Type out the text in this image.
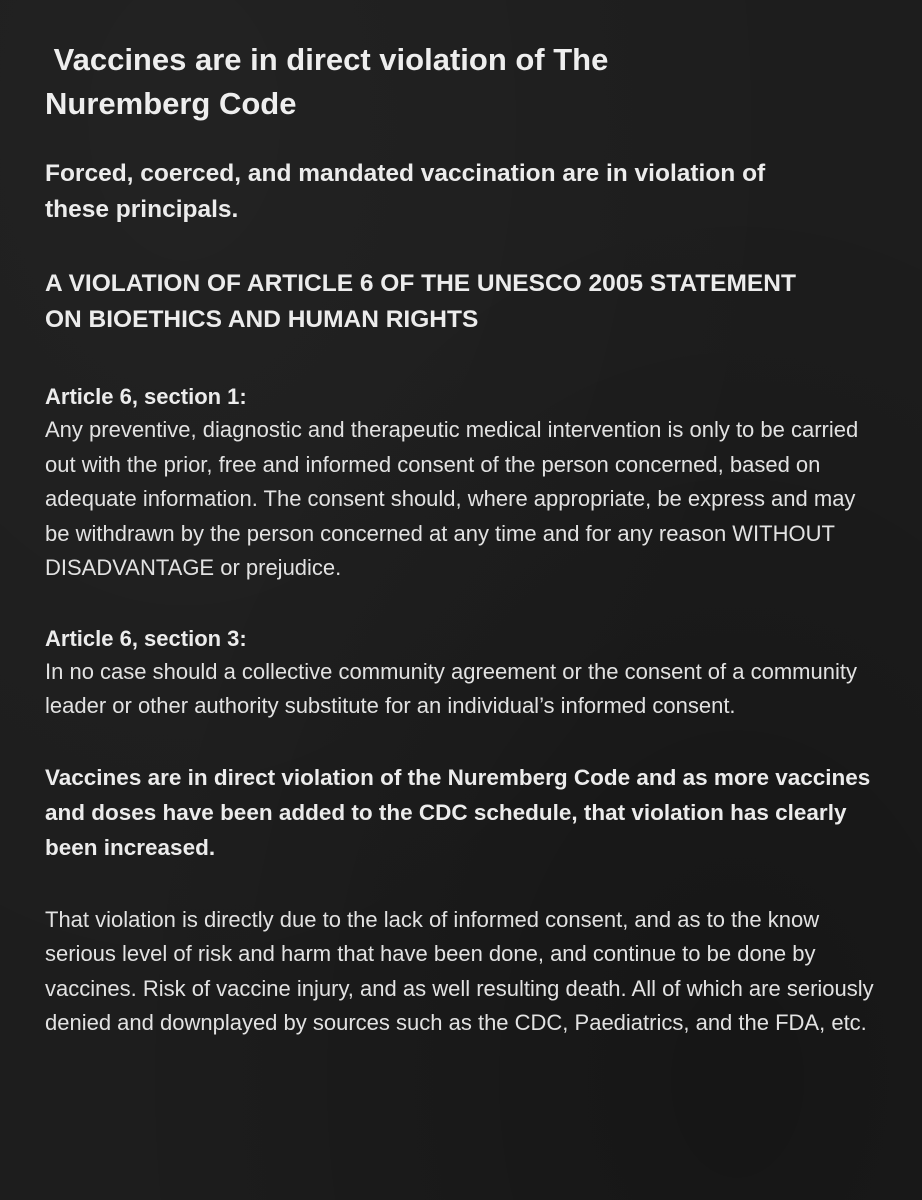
Vaccines are in direct violation of The Nuremberg Code

Forced, coerced, and mandated vaccination are in violation of these principals.

A VIOLATION OF ARTICLE 6 OF THE UNESCO 2005 STATEMENT ON BIOETHICS AND HUMAN RIGHTS

Article 6, section 1:
Any preventive, diagnostic and therapeutic medical intervention is only to be carried out with the prior, free and informed consent of the person concerned, based on adequate information. The consent should, where appropriate, be express and may be withdrawn by the person concerned at any time and for any reason WITHOUT DISADVANTAGE or prejudice.
Article 6, section 3:
In no case should a collective community agreement or the consent of a community leader or other authority substitute for an individual’s informed consent.

Vaccines are in direct violation of the Nuremberg Code and as more vaccines and doses have been added to the CDC schedule, that violation has clearly been increased.

That violation is directly due to the lack of informed consent, and as to the know serious level of risk and harm that have been done, and continue to be done by vaccines. Risk of vaccine injury, and as well resulting death. All of which are seriously denied and downplayed by sources such as the CDC, Paediatrics, and the FDA, etc.
